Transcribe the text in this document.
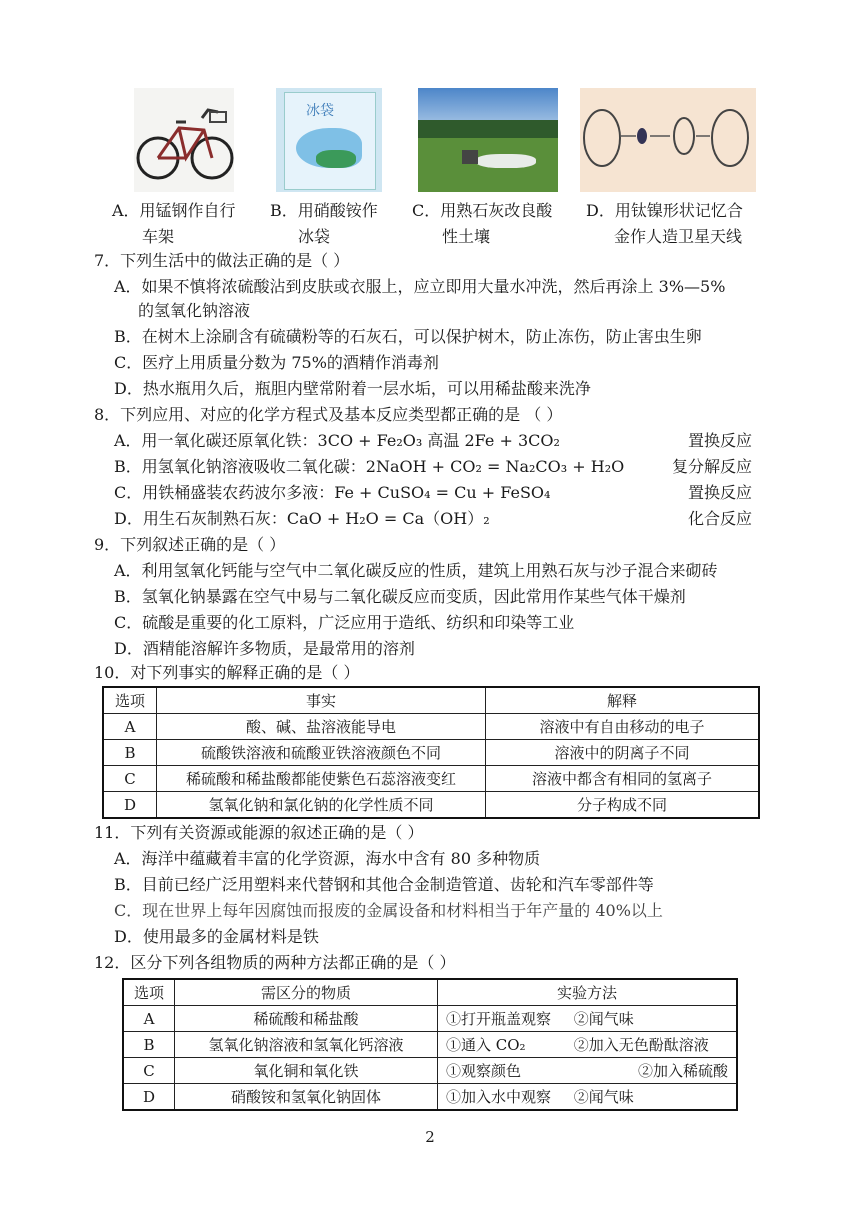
冰袋
A．用锰钢作自行
车架
B．用硝酸铵作
冰袋
C．用熟石灰改良酸
性土壤
D．用钛镍形状记忆合
金作人造卫星天线
7．下列生活中的做法正确的是（ ）
A．如果不慎将浓硫酸沾到皮肤或衣服上，应立即用大量水冲洗，然后再涂上 3%—5%
的氢氧化钠溶液
B．在树木上涂刷含有硫磺粉等的石灰石，可以保护树木，防止冻伤，防止害虫生卵
C．医疗上用质量分数为 75%的酒精作消毒剂
D．热水瓶用久后，瓶胆内壁常附着一层水垢，可以用稀盐酸来洗净
8．下列应用、对应的化学方程式及基本反应类型都正确的是 （ ）
A．用一氧化碳还原氧化铁：3CO + Fe₂O₃ 高温 2Fe + 3CO₂	置换反应
B．用氢氧化钠溶液吸收二氧化碳：2NaOH + CO₂ = Na₂CO₃ + H₂O	复分解反应
C．用铁桶盛装农药波尔多液：Fe + CuSO₄ = Cu + FeSO₄	置换反应
D．用生石灰制熟石灰：CaO + H₂O = Ca（OH）₂	化合反应
9．下列叙述正确的是（ ）
A．利用氢氧化钙能与空气中二氧化碳反应的性质，建筑上用熟石灰与沙子混合来砌砖
B．氢氧化钠暴露在空气中易与二氧化碳反应而变质，因此常用作某些气体干燥剂
C．硫酸是重要的化工原料，广泛应用于造纸、纺织和印染等工业
D．酒精能溶解许多物质，是最常用的溶剂
10．对下列事实的解释正确的是（ ）
选项	事实	解释
A	酸、碱、盐溶液能导电	溶液中有自由移动的电子
B	硫酸铁溶液和硫酸亚铁溶液颜色不同	溶液中的阴离子不同
C	稀硫酸和稀盐酸都能使紫色石蕊溶液变红	溶液中都含有相同的氢离子
D	氢氧化钠和氯化钠的化学性质不同	分子构成不同
11．下列有关资源或能源的叙述正确的是（ ）
A．海洋中蕴藏着丰富的化学资源，海水中含有 80 多种物质
B．目前已经广泛用塑料来代替钢和其他合金制造管道、齿轮和汽车零部件等
C．现在世界上每年因腐蚀而报废的金属设备和材料相当于年产量的 40%以上
D．使用最多的金属材料是铁
12．区分下列各组物质的两种方法都正确的是（ ）
选项	需区分的物质	实验方法	
A	稀硫酸和稀盐酸	①打开瓶盖观察	②闻气味
B	氢氧化钠溶液和氢氧化钙溶液	①通入 CO₂	②加入无色酚酞溶液
C	氧化铜和氧化铁	①观察颜色	②加入稀硫酸
D	硝酸铵和氢氧化钠固体	①加入水中观察	②闻气味
2
